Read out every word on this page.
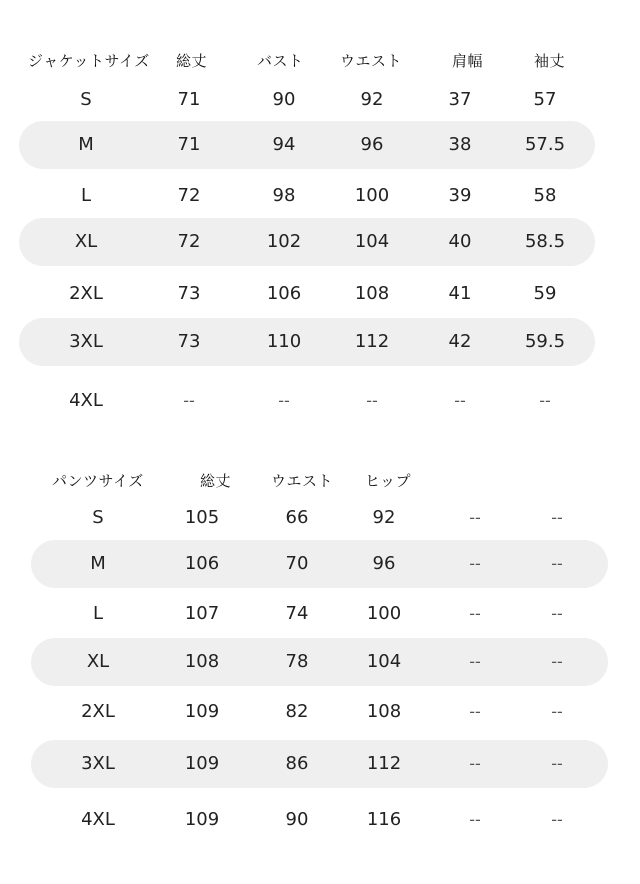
ジャケットサイズ 総丈	バスト ウエスト	肩幅	袖丈
S	71	90	92	37	57
M	71	94	96	38	57.5
L	72	98	100	39	58
XL	72	102	104	40	58.5
2XL	73	106	108	41	59
3XL	73	110	112	42	59.5
4XL	--	--	--	--	--
パンツサイズ	総丈	ウエスト ヒップ
S	105	66	92	--	--
M	106	70	96	--	--
L	107	74	100	--	--
XL	108	78	104	--	--
2XL	109	82	108	--	--
3XL	109	86	112	--	--
4XL	109	90	116	--	--
